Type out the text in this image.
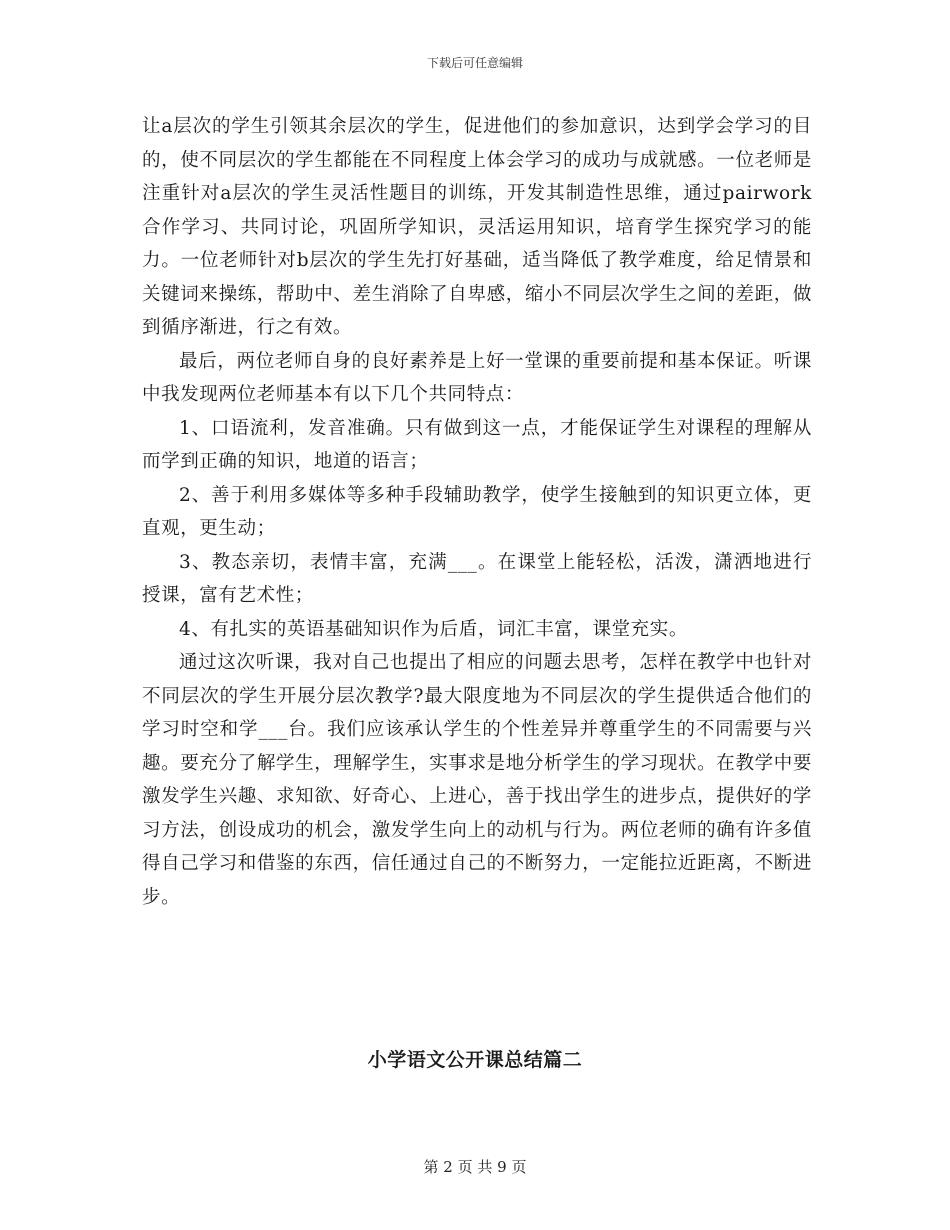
下载后可任意编辑

让a层次的学生引领其余层次的学生，促进他们的参加意识，达到学会学习的目的，使不同层次的学生都能在不同程度上体会学习的成功与成就感。一位老师是注重针对a层次的学生灵活性题目的训练，开发其制造性思维，通过pairwork合作学习、共同讨论，巩固所学知识，灵活运用知识，培育学生探究学习的能力。一位老师针对b层次的学生先打好基础，适当降低了教学难度，给足情景和关键词来操练，帮助中、差生消除了自卑感，缩小不同层次学生之间的差距，做到循序渐进，行之有效。

最后，两位老师自身的良好素养是上好一堂课的重要前提和基本保证。听课中我发现两位老师基本有以下几个共同特点：

1、口语流利，发音准确。只有做到这一点，才能保证学生对课程的理解从而学到正确的知识，地道的语言；

2、善于利用多媒体等多种手段辅助教学，使学生接触到的知识更立体，更直观，更生动；

3、教态亲切，表情丰富，充满___。在课堂上能轻松，活泼，潇洒地进行授课，富有艺术性；

4、有扎实的英语基础知识作为后盾，词汇丰富，课堂充实。

通过这次听课，我对自己也提出了相应的问题去思考，怎样在教学中也针对不同层次的学生开展分层次教学?最大限度地为不同层次的学生提供适合他们的学习时空和学___台。我们应该承认学生的个性差异并尊重学生的不同需要与兴趣。要充分了解学生，理解学生，实事求是地分析学生的学习现状。在教学中要激发学生兴趣、求知欲、好奇心、上进心，善于找出学生的进步点，提供好的学习方法，创设成功的机会，激发学生向上的动机与行为。两位老师的确有许多值得自己学习和借鉴的东西，信任通过自己的不断努力，一定能拉近距离，不断进步。

小学语文公开课总结篇二
第 2 页 共 9 页
